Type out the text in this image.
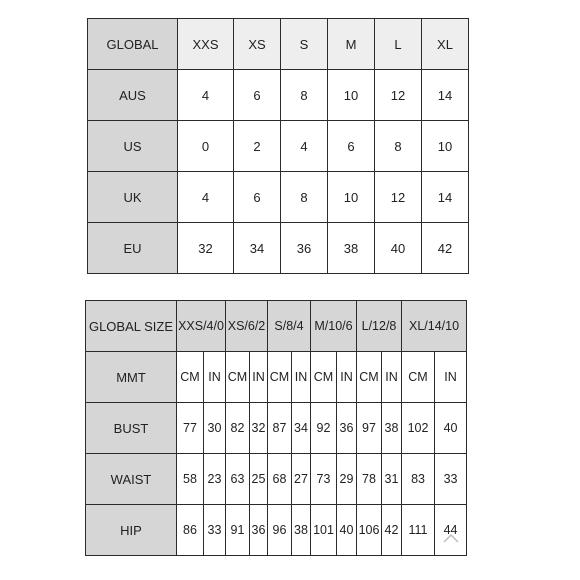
GLOBAL	XXS	XS	S	M	L	XL
AUS	4	6	8	10	12	14
US	0	2	4	6	8	10
UK	4	6	8	10	12	14
EU	32	34	36	38	40	42
GLOBAL SIZE	XXS/4/0		XS/6/2		S/8/4		M/10/6		L/12/8		XL/14/10	
MMT	CM	IN	CM	IN	CM	IN	CM	IN	CM	IN	CM	IN
BUST	77	30	82	32	87	34	92	36	97	38	102	40
WAIST	58	23	63	25	68	27	73	29	78	31	83	33
HIP	86	33	91	36	96	38	101	40	106	42	111	44
